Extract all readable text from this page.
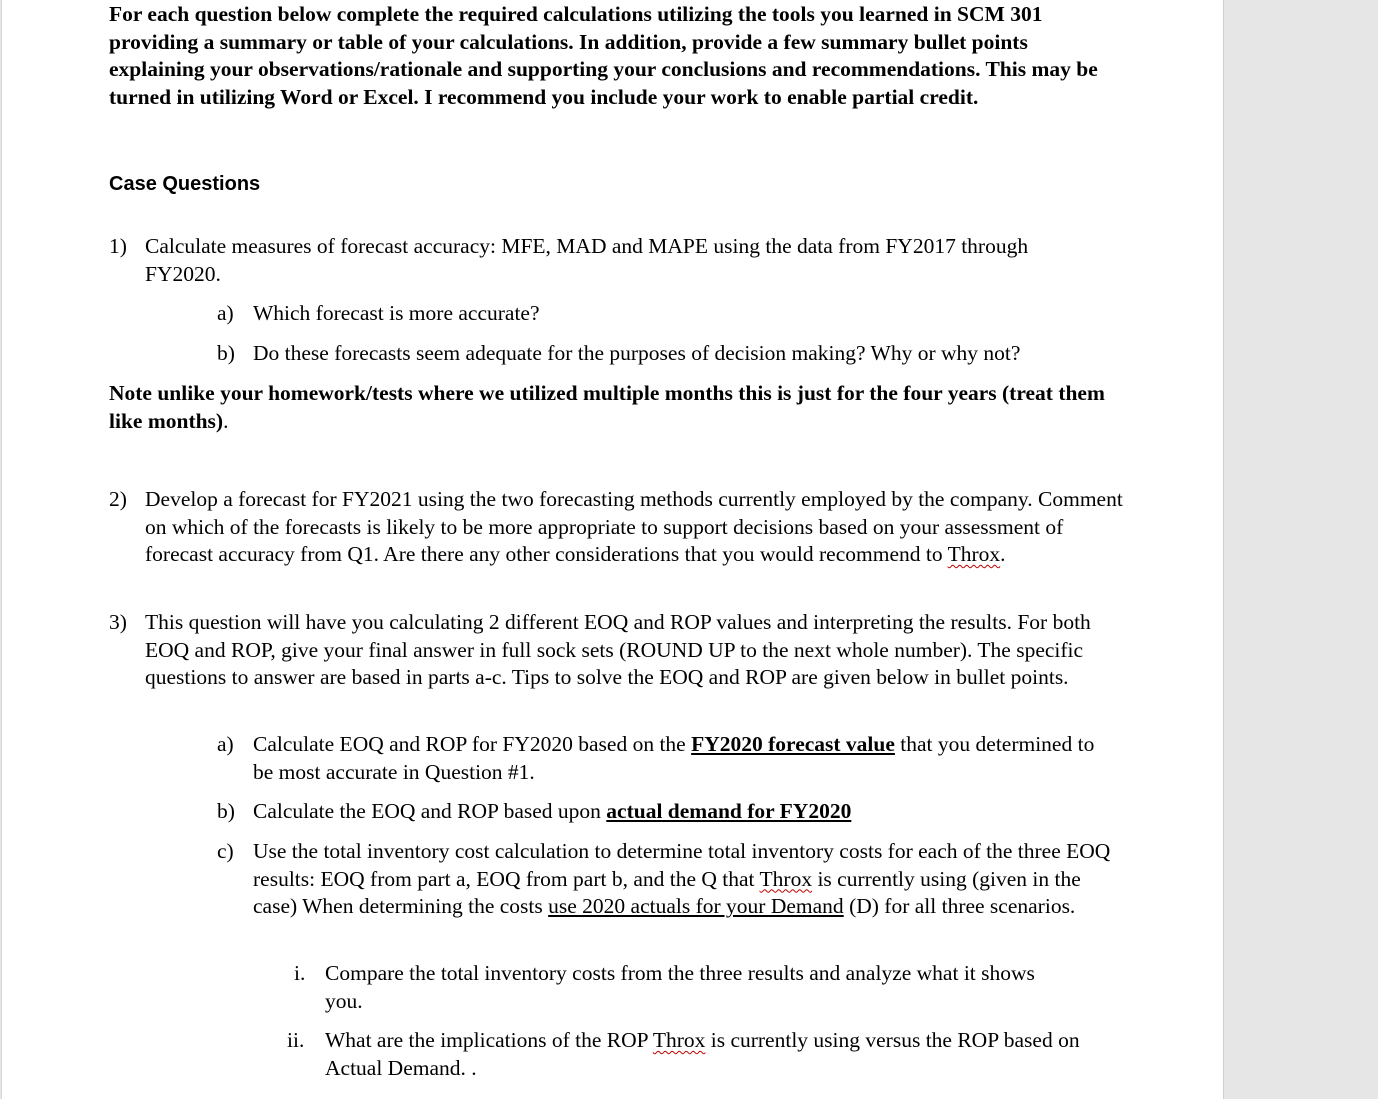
For each question below complete the required calculations utilizing the tools you learned in SCM 301 providing a summary or table of your calculations. In addition, provide a few summary bullet points explaining your observations/rationale and supporting your conclusions and recommendations. This may be turned in utilizing Word or Excel. I recommend you include your work to enable partial credit.
Case Questions
1) Calculate measures of forecast accuracy: MFE, MAD and MAPE using the data from FY2017 through FY2020.
a) Which forecast is more accurate?
b) Do these forecasts seem adequate for the purposes of decision making? Why or why not?
Note unlike your homework/tests where we utilized multiple months this is just for the four years (treat them like months).
2) Develop a forecast for FY2021 using the two forecasting methods currently employed by the company. Comment on which of the forecasts is likely to be more appropriate to support decisions based on your assessment of forecast accuracy from Q1. Are there any other considerations that you would recommend to Throx.
3) This question will have you calculating 2 different EOQ and ROP values and interpreting the results. For both EOQ and ROP, give your final answer in full sock sets (ROUND UP to the next whole number). The specific questions to answer are based in parts a-c. Tips to solve the EOQ and ROP are given below in bullet points.
a) Calculate EOQ and ROP for FY2020 based on the FY2020 forecast value that you determined to be most accurate in Question #1.
b) Calculate the EOQ and ROP based upon actual demand for FY2020
c) Use the total inventory cost calculation to determine total inventory costs for each of the three EOQ results: EOQ from part a, EOQ from part b, and the Q that Throx is currently using (given in the case) When determining the costs use 2020 actuals for your Demand (D) for all three scenarios.
i. Compare the total inventory costs from the three results and analyze what it shows you.
ii. What are the implications of the ROP Throx is currently using versus the ROP based on Actual Demand. .
